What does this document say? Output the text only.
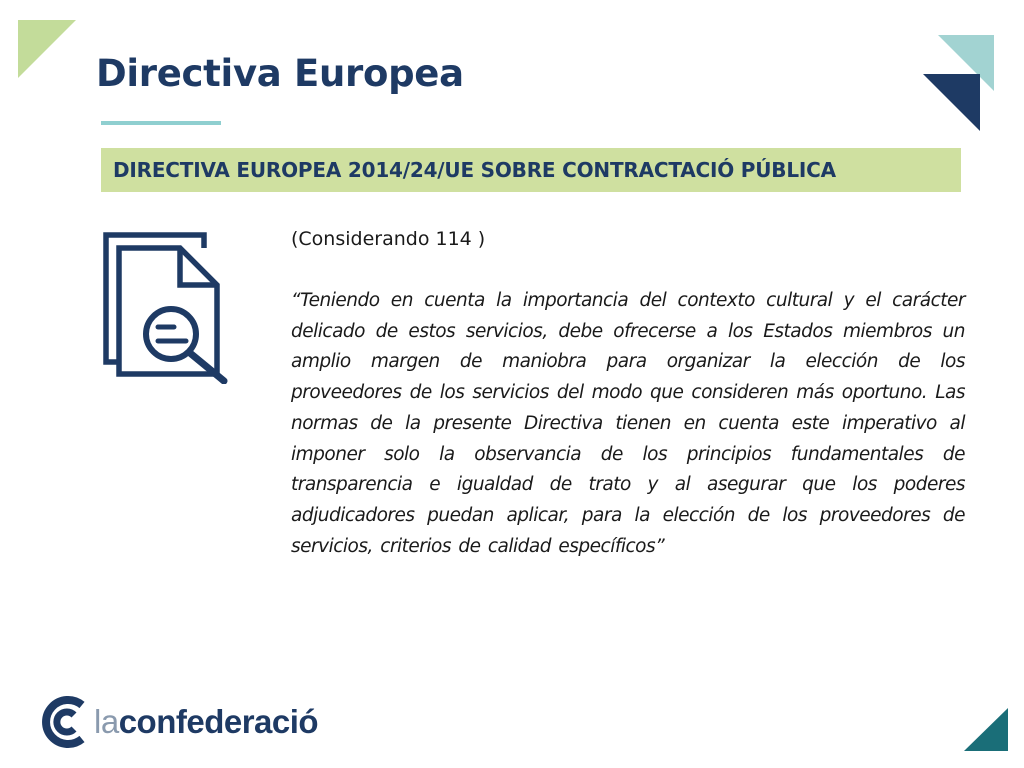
Directiva Europea
DIRECTIVA EUROPEA 2014/24/UE SOBRE CONTRACTACIÓ PÚBLICA
(Considerando 114 )

“Teniendo en cuenta la importancia del contexto cultural y el carácter delicado de estos servicios, debe ofrecerse a los Estados miembros un amplio margen de maniobra para organizar la elección de los proveedores de los servicios del modo que consideren más oportuno. Las normas de la presente Directiva tienen en cuenta este imperativo al imponer solo la observancia de los principios fundamentales de transparencia e igualdad de trato y al asegurar que los poderes adjudicadores puedan aplicar, para la elección de los proveedores de servicios, criterios de calidad específicos”

laconfederació
